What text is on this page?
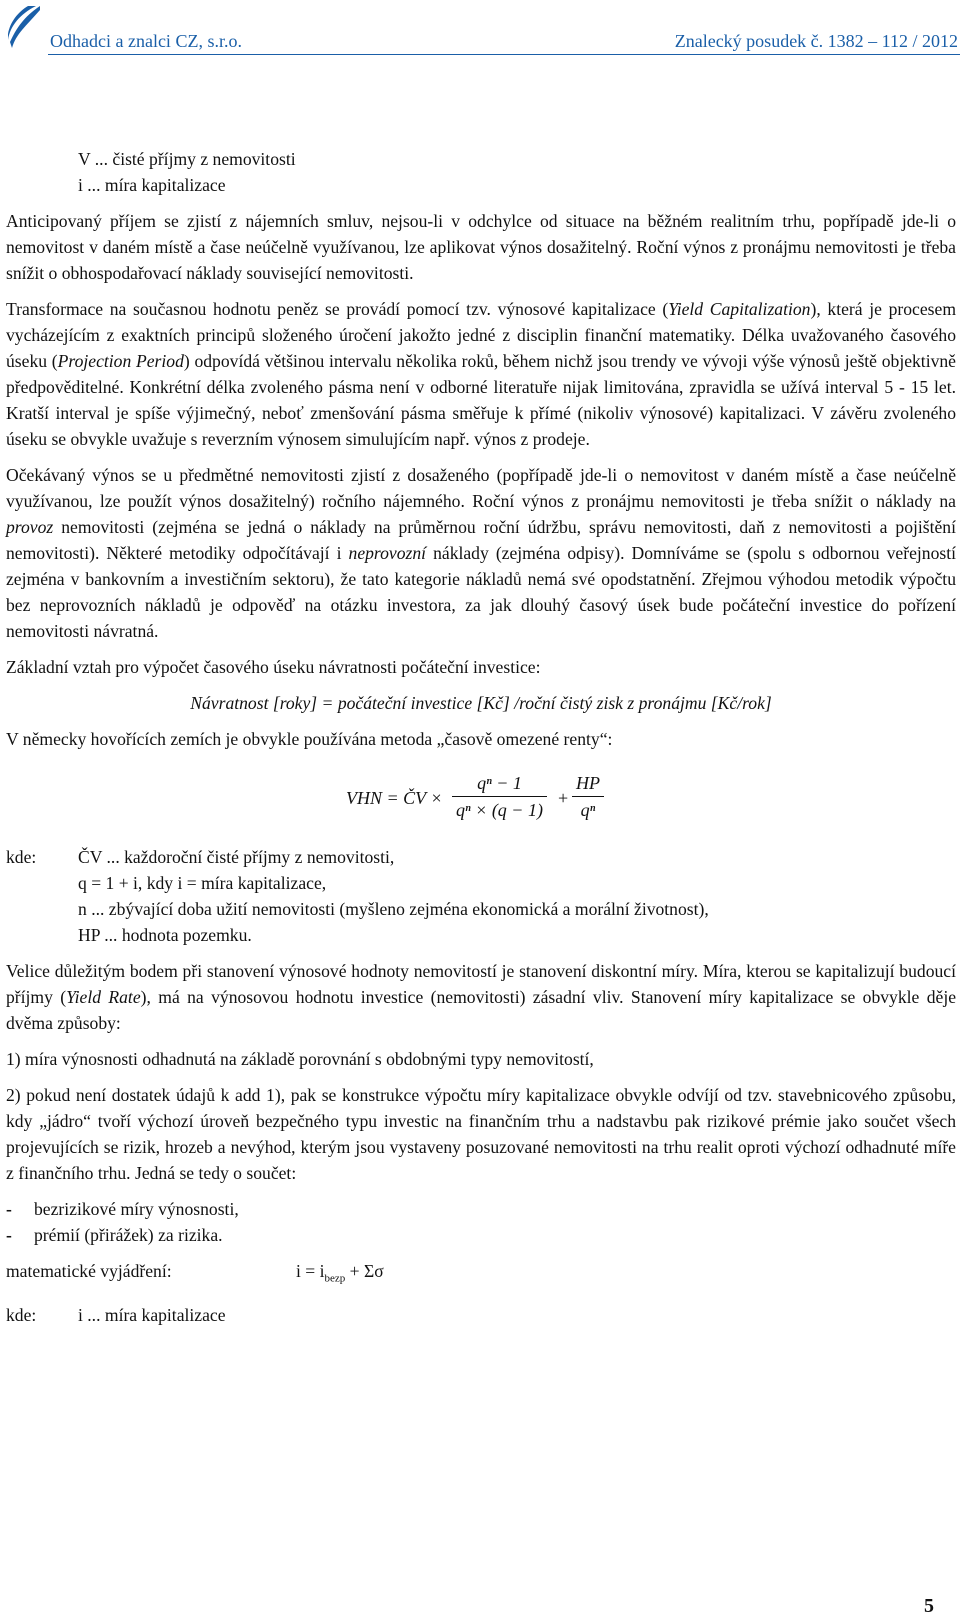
Odhadci a znalci CZ, s.r.o.	Znalecký posudek č. 1382 – 112 / 2012
V ... čisté příjmy z nemovitosti
i ... míra kapitalizace

Anticipovaný příjem se zjistí z nájemních smluv, nejsou-li v odchylce od situace na běžném realitním trhu, popřípadě jde-li o nemovitost v daném místě a čase neúčelně využívanou, lze aplikovat výnos dosažitelný. Roční výnos z pronájmu nemovitosti je třeba snížit o obhospodařovací náklady související nemovitosti.

Transformace na současnou hodnotu peněz se provádí pomocí tzv. výnosové kapitalizace (Yield Capitalization), která je procesem vycházejícím z exaktních principů složeného úročení jakožto jedné z disciplin finanční matematiky. Délka uvažovaného časového úseku (Projection Period) odpovídá většinou intervalu několika roků, během nichž jsou trendy ve vývoji výše výnosů ještě objektivně předpověditelné. Konkrétní délka zvoleného pásma není v odborné literatuře nijak limitována, zpravidla se užívá interval 5 - 15 let. Kratší interval je spíše výjimečný, neboť zmenšování pásma směřuje k přímé (nikoliv výnosové) kapitalizaci. V závěru zvoleného úseku se obvykle uvažuje s reverzním výnosem simulujícím např. výnos z prodeje.

Očekávaný výnos se u předmětné nemovitosti zjistí z dosaženého (popřípadě jde-li o nemovitost v daném místě a čase neúčelně využívanou, lze použít výnos dosažitelný) ročního nájemného. Roční výnos z pronájmu nemovitosti je třeba snížit o náklady na provoz nemovitosti (zejména se jedná o náklady na průměrnou roční údržbu, správu nemovitosti, daň z nemovitosti a pojištění nemovitosti). Některé metodiky odpočítávají i neprovozní náklady (zejména odpisy). Domníváme se (spolu s odbornou veřejností zejména v bankovním a investičním sektoru), že tato kategorie nákladů nemá své opodstatnění. Zřejmou výhodou metodik výpočtu bez neprovozních nákladů je odpověď na otázku investora, za jak dlouhý časový úsek bude počáteční investice do pořízení nemovitosti návratná.

Základní vztah pro výpočet časového úseku návratnosti počáteční investice:

Návratnost [roky] = počáteční investice [Kč] /roční čistý zisk z pronájmu [Kč/rok]

V německy hovořících zemích je obvykle používána metoda „časově omezené renty“:

VHN = ČV × $\frac{\text{qⁿ − 1}}{\text{qⁿ × (q − 1)}} + \frac{HP}{\text{qⁿ}}$
kde:	ČV ... každoroční čisté příjmy z nemovitosti,
q = 1 + i, kdy i = míra kapitalizace,
n ... zbývající doba užití nemovitosti (myšleno zejména ekonomická a morální životnost),
HP ... hodnota pozemku.

Velice důležitým bodem při stanovení výnosové hodnoty nemovitostí je stanovení diskontní míry. Míra, kterou se kapitalizují budoucí příjmy (Yield Rate), má na výnosovou hodnotu investice (nemovitosti) zásadní vliv. Stanovení míry kapitalizace se obvykle děje dvěma způsoby:

1) míra výnosnosti odhadnutá na základě porovnání s obdobnými typy nemovitostí,

2) pokud není dostatek údajů k add 1), pak se konstrukce výpočtu míry kapitalizace obvykle odvíjí od tzv. stavebnicového způsobu, kdy „jádro“ tvoří výchozí úroveň bezpečného typu investic na finančním trhu a nadstavbu pak rizikové prémie jako součet všech projevujících se rizik, hrozeb a nevýhod, kterým jsou vystaveny posuzované nemovitosti na trhu realit oproti výchozí odhadnuté míře z finančního trhu. Jedná se tedy o součet:

-	bezrizikové míry výnosnosti,
-	prémií (přirážek) za rizika.
matematické vyjádření:	$i = i_{bezp} + \Sigma\sigma$
kde:	i ... míra kapitalizace
5
